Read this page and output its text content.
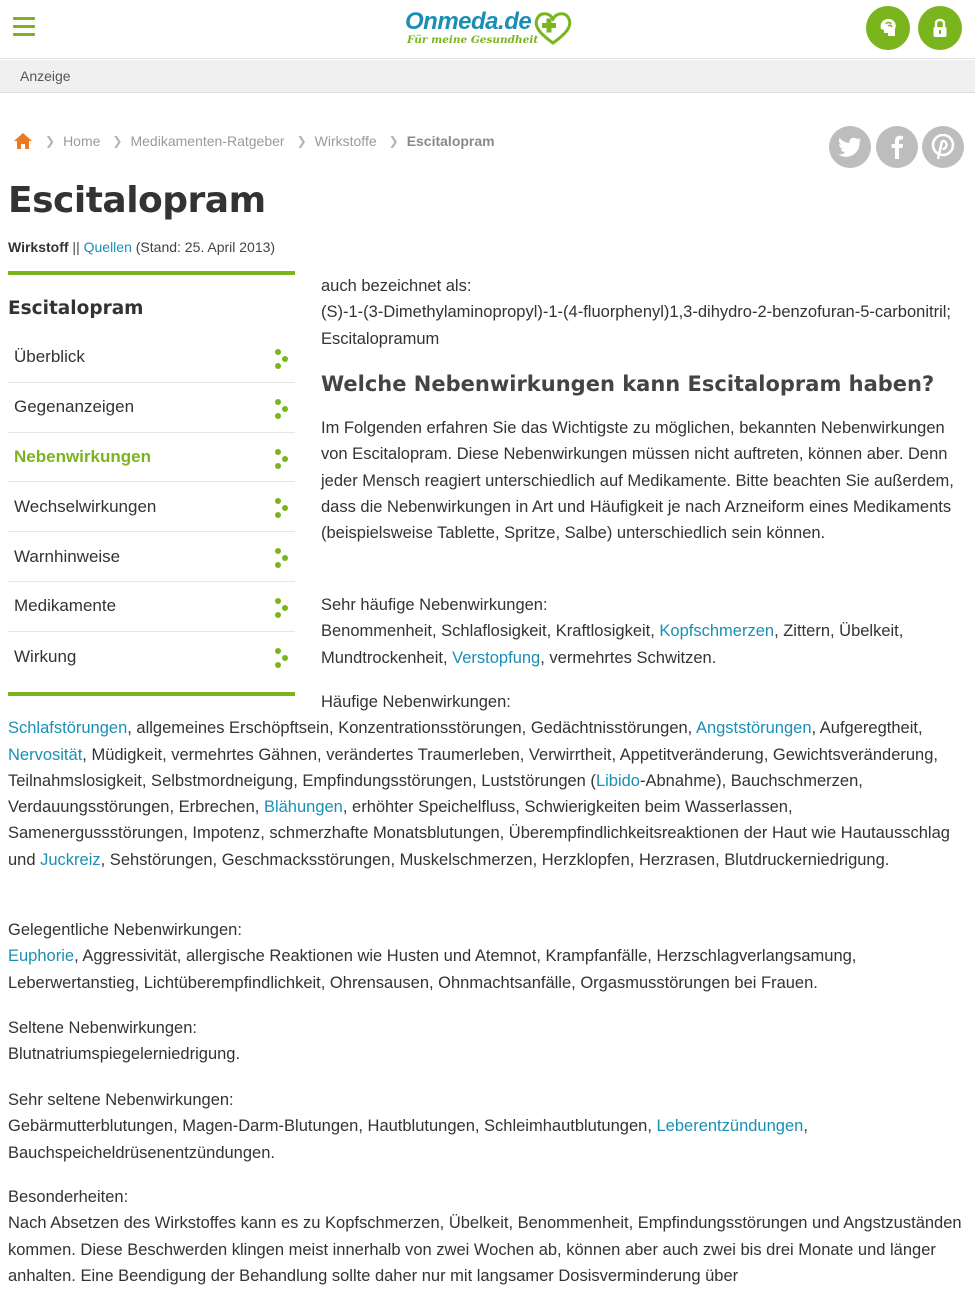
Onmeda.de
Für meine Gesundheit
Anzeige
❯ Home ❯ Medikamenten-Ratgeber ❯ Wirkstoffe ❯ Escitalopram
Escitalopram
Wirkstoff || Quellen (Stand: 25. April 2013)
Escitalopram
Überblick
Gegenanzeigen
Nebenwirkungen
Wechselwirkungen
Warnhinweise
Medikamente
Wirkung
auch bezeichnet als:
(S)-1-(3-Dimethylaminopropyl)-1-(4-fluorphenyl)1,3-dihydro-2-benzofuran-5-carbonitril; Escitalopramum
Welche Nebenwirkungen kann Escitalopram haben?
Im Folgenden erfahren Sie das Wichtigste zu möglichen, bekannten Nebenwirkungen von Escitalopram. Diese Nebenwirkungen müssen nicht auftreten, können aber. Denn jeder Mensch reagiert unterschiedlich auf Medikamente. Bitte beachten Sie außerdem, dass die Nebenwirkungen in Art und Häufigkeit je nach Arzneiform eines Medikaments (beispielsweise Tablette, Spritze, Salbe) unterschiedlich sein können.
Sehr häufige Nebenwirkungen:
Benommenheit, Schlaflosigkeit, Kraftlosigkeit, Kopfschmerzen, Zittern, Übelkeit, Mundtrockenheit, Verstopfung, vermehrtes Schwitzen.
Häufige Nebenwirkungen:
Schlafstörungen, allgemeines Erschöpftsein, Konzentrationsstörungen, Gedächtnisstörungen, Angststörungen, Aufgeregtheit, Nervosität, Müdigkeit, vermehrtes Gähnen, verändertes Traumerleben, Verwirrtheit, Appetitveränderung, Gewichtsveränderung, Teilnahmslosigkeit, Selbstmordneigung, Empfindungsstörungen, Luststörungen (Libido-Abnahme), Bauchschmerzen, Verdauungsstörungen, Erbrechen, Blähungen, erhöhter Speichelfluss, Schwierigkeiten beim Wasserlassen, Samenergussstörungen, Impotenz, schmerzhafte Monatsblutungen, Überempfindlichkeitsreaktionen der Haut wie Hautausschlag und Juckreiz, Sehstörungen, Geschmacksstörungen, Muskelschmerzen, Herzklopfen, Herzrasen, Blutdruckerniedrigung.
Gelegentliche Nebenwirkungen:
Euphorie, Aggressivität, allergische Reaktionen wie Husten und Atemnot, Krampfanfälle, Herzschlagverlangsamung, Leberwertanstieg, Lichtüberempfindlichkeit, Ohrensausen, Ohnmachtsanfälle, Orgasmusstörungen bei Frauen.
Seltene Nebenwirkungen:
Blutnatriumspiegelerniedrigung.
Sehr seltene Nebenwirkungen:
Gebärmutterblutungen, Magen-Darm-Blutungen, Hautblutungen, Schleimhautblutungen, Leberentzündungen, Bauchspeicheldrüsenentzündungen.
Besonderheiten:
Nach Absetzen des Wirkstoffes kann es zu Kopfschmerzen, Übelkeit, Benommenheit, Empfindungsstörungen und Angstzuständen kommen. Diese Beschwerden klingen meist innerhalb von zwei Wochen ab, können aber auch zwei bis drei Monate und länger anhalten. Eine Beendigung der Behandlung sollte daher nur mit langsamer Dosisverminderung über
